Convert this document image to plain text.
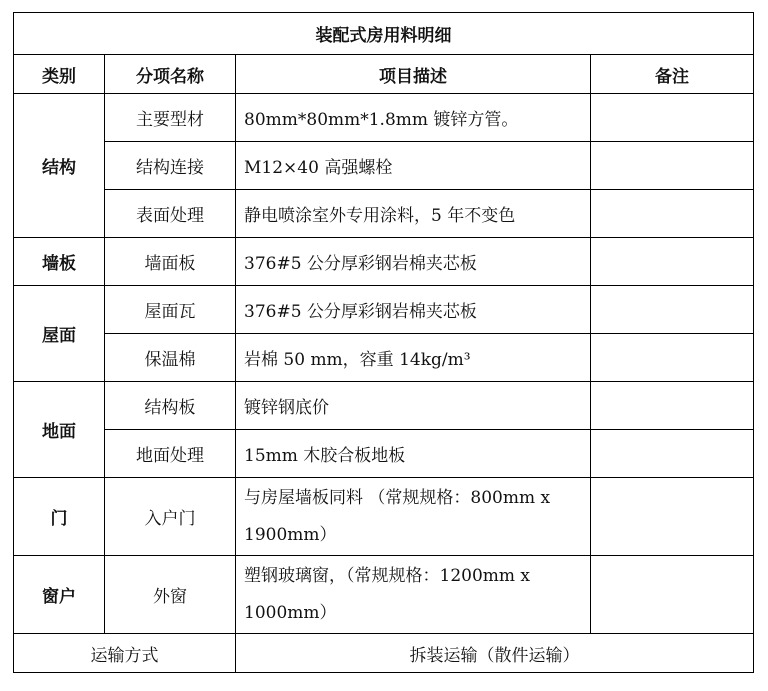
装配式房用料明细			
类别	分项名称	项目描述	备注
结构	主要型材	80mm*80mm*1.8mm 镀锌方管。	
	结构连接	M12×40 高强螺栓	
	表面处理	静电喷涂室外专用涂料，5 年不变色	
墙板	墙面板	376#5 公分厚彩钢岩棉夹芯板	
屋面	屋面瓦	376#5 公分厚彩钢岩棉夹芯板	
	保温棉	岩棉 50 mm，容重 14kg/m³	
地面	结构板	镀锌钢底价	
	地面处理	15mm 木胶合板地板	
门	入户门	与房屋墙板同料 （常规规格：800mm x 1900mm）	
窗户	外窗	塑钢玻璃窗，（常规规格：1200mm x 1000mm）	
运输方式		拆装运输（散件运输）	
